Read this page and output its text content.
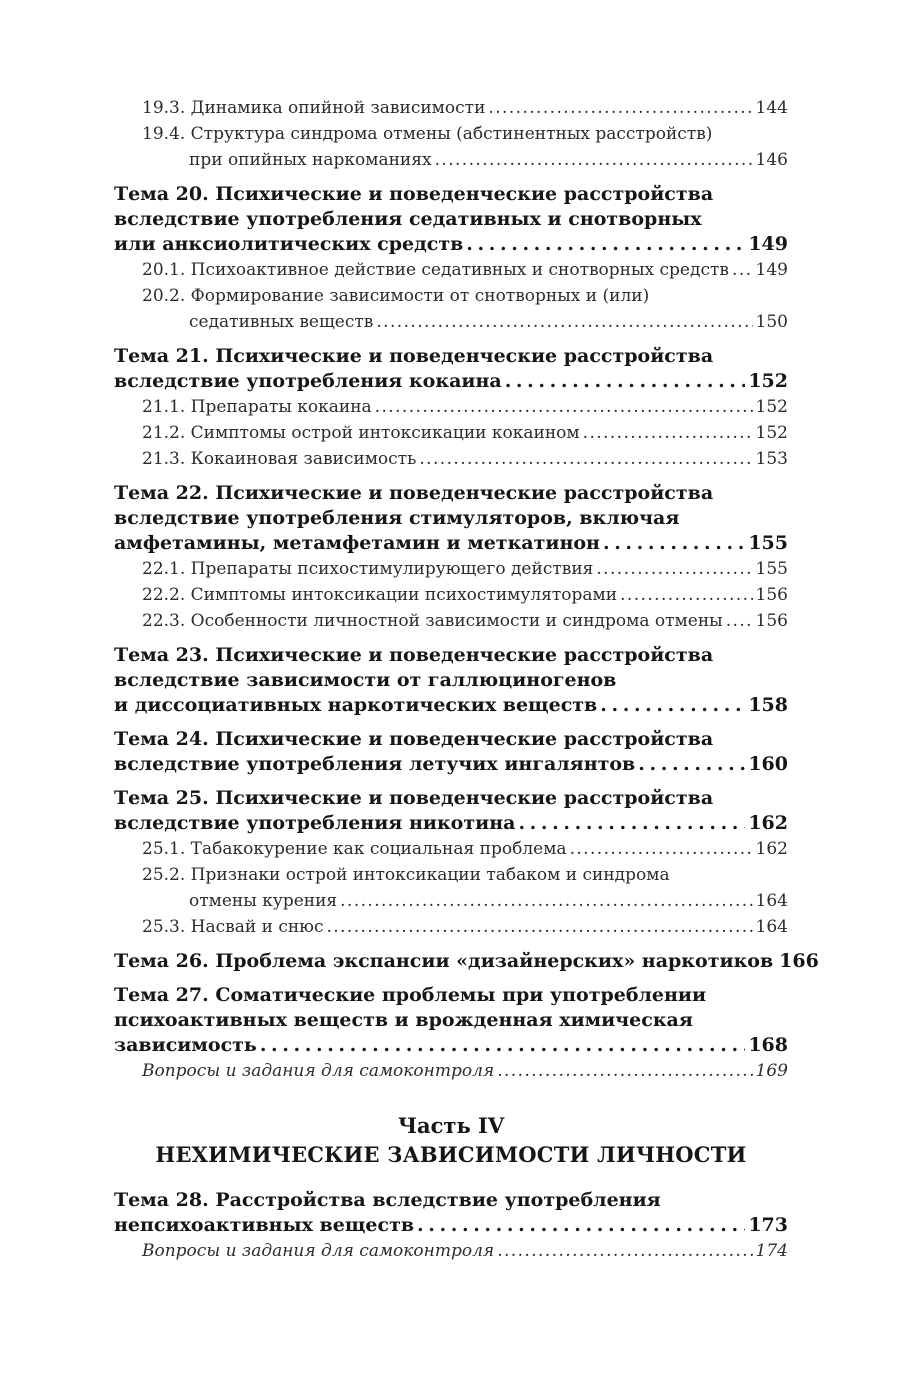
19.3. Динамика опийной зависимости . . .	144
19.4. Структура синдрома отмены (абстинентных расстройств)
при опийных наркоманиях . . .	146
Тема 20. Психические и поведенческие расстройства
вследствие употребления седативных и снотворных
или анксиолитических средств . . .	149
20.1. Психоактивное действие седативных и снотворных средств . . . 149
20.2. Формирование зависимости от снотворных и (или)
седативных веществ . . .	150
Тема 21. Психические и поведенческие расстройства
вследствие употребления кокаина . . .	152
21.1. Препараты кокаина . . .	152
21.2. Симптомы острой интоксикации кокаином . . .	152
21.3. Кокаиновая зависимость . . .	153
Тема 22. Психические и поведенческие расстройства
вследствие употребления стимуляторов, включая
амфетамины, метамфетамин и меткатинон . . .	155
22.1. Препараты психостимулирующего действия . . .	155
22.2. Симптомы интоксикации психостимуляторами . . .	156
22.3. Особенности личностной зависимости и синдрома отмены . . . 156
Тема 23. Психические и поведенческие расстройства
вследствие зависимости от галлюциногенов
и диссоциативных наркотических веществ . . .	158
Тема 24. Психические и поведенческие расстройства
вследствие употребления летучих ингалянтов . . .	160
Тема 25. Психические и поведенческие расстройства
вследствие употребления никотина . . .	162
25.1. Табакокурение как социальная проблема . . .	162
25.2. Признаки острой интоксикации табаком и синдрома
отмены курения . . .	164
25.3. Насвай и снюс . . .	164
Тема 26. Проблема экспансии «дизайнерских» наркотиков 166
Тема 27. Соматические проблемы при употреблении
психоактивных веществ и врожденная химическая
зависимость . . .	168
Вопросы и задания для самоконтроля . . .	169
Часть IV
НЕХИМИЧЕСКИЕ ЗАВИСИМОСТИ ЛИЧНОСТИ
Тема 28. Расстройства вследствие употребления
непсихоактивных веществ . . .	173
Вопросы и задания для самоконтроля . . .	174
